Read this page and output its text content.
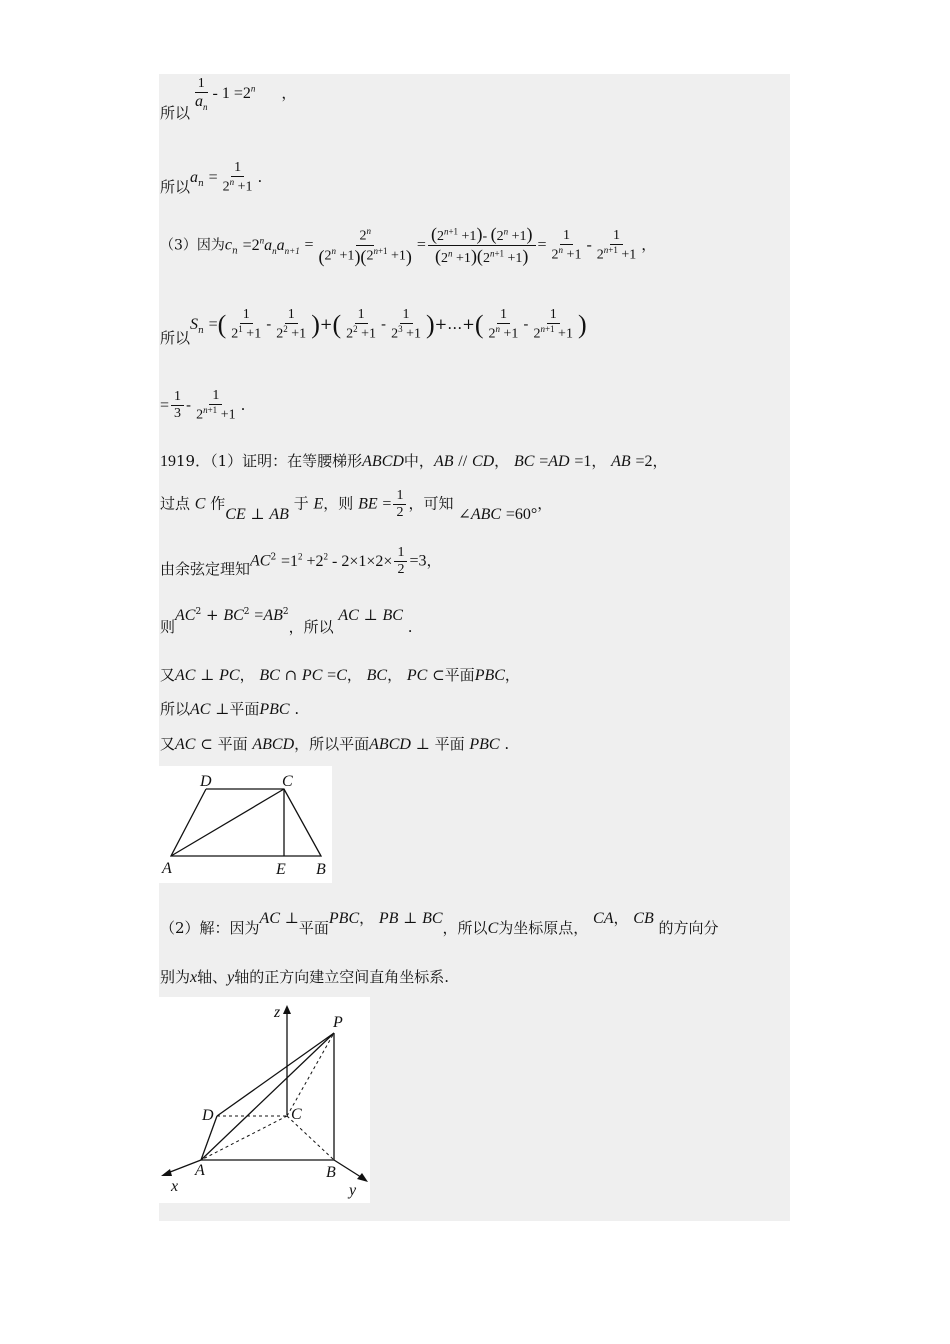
所以
$\frac{1}{a_n} - 1 =2^n$ ，
所以$a_n = \frac{1}{2^n +1}$ .
（3）因为$c_n =2^na_na_{n+1} = \frac{2^n}{(2^n +1)(2^{n+1} +1)} = \frac{(2^{n+1} +1)- (2^n +1)}{(2^n +1)(2^{n+1} +1)} = \frac{1}{2^n +1} - \frac{1}{2^{n+1} +1}$ ，
所以$S_n$ =( $\frac{1}{2^1 +1} - \frac{1}{2^2 +1}$ )+( $\frac{1}{2^2 +1} - \frac{1}{2^3 +1}$ )+…+( $\frac{1}{2^n +1} - \frac{1}{2^{n+1} +1}$ )
= $\frac{1}{3} - \frac{1}{2^{n+1} +1}$ .
1919．（1）证明：在等腰梯形ABCD中，AB // CD， BC =AD =1， AB =2，
过点 C 作CE ⊥ AB 于 E，则 BE = $\frac{1}{2}$ ，可知 ∠ABC =60°，
由余弦定理知$AC^2 =1^2 +2^2 - 2\times 1\times 2\times \frac{1}{2} =3$，
则$AC^2 + BC^2 =AB^2$，所以 AC ⊥ BC .
又AC ⊥ PC， BC ∩ PC =C， BC， PC ⊂平面PBC，
所以AC ⊥平面PBC .
又AC ⊂ 平面 ABCD，所以平面ABCD ⊥ 平面 PBC .
D	C
A	E B
（2）解：因为AC ⊥平面PBC， PB ⊥ BC，所以C为坐标原点， CA， CB 的方向分
别为x轴、y轴的正方向建立空间直角坐标系.
z
P
D	C
A	B
x	y
